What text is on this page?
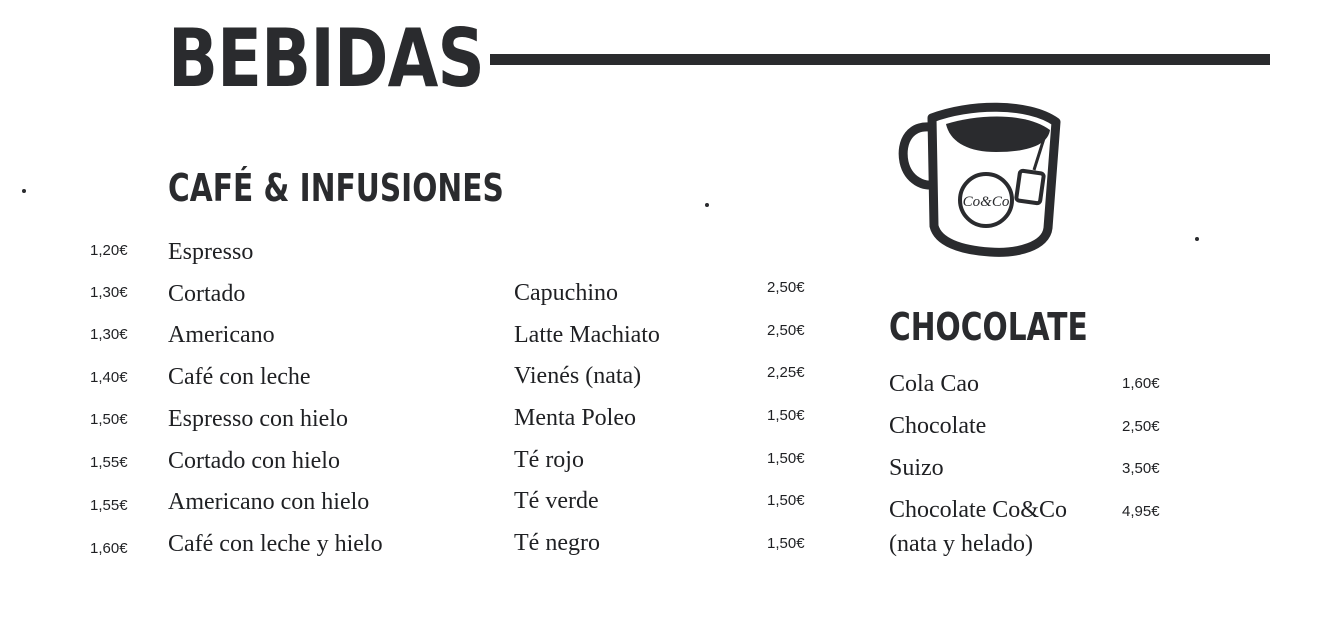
BEBIDAS
CAFÉ & INFUSIONES
1,20€ Espresso
1,30€ Cortado
1,30€ Americano
1,40€ Café con leche
1,50€ Espresso con hielo
1,55€ Cortado con hielo
1,55€ Americano con hielo
1,60€ Café con leche y hielo
Capuchino	2,50€
Latte Machiato	2,50€
Vienés (nata)	2,25€
Menta Poleo	1,50€
Té rojo	1,50€
Té verde	1,50€
Té negro	1,50€
Co&Co
CHOCOLATE
Cola Cao	1,60€
Chocolate	2,50€
Suizo	3,50€
Chocolate Co&Co	4,95€
(nata y helado)
